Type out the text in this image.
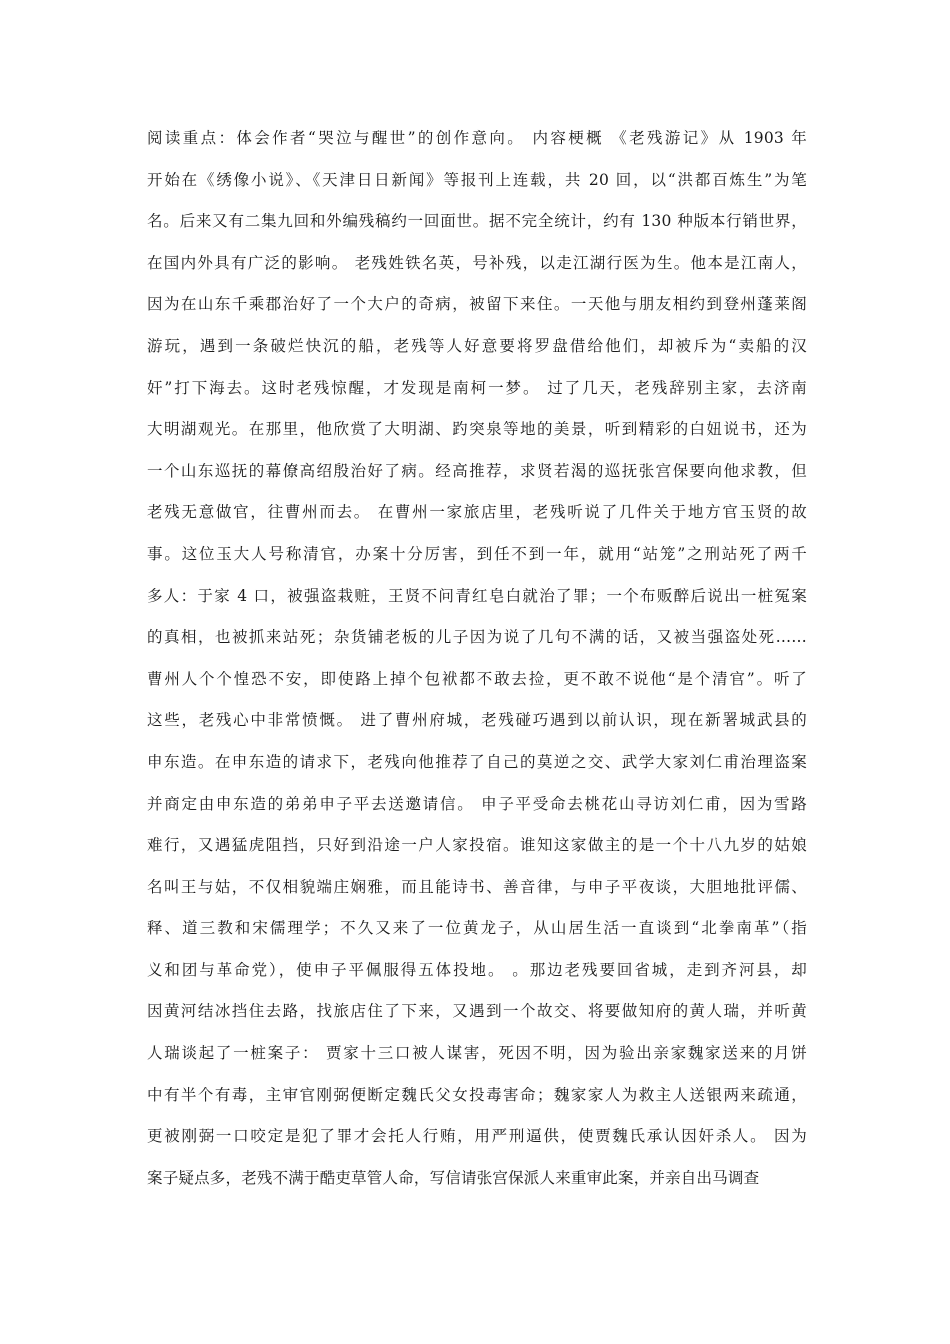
阅读重点：体会作者“哭泣与醒世”的创作意向。 内容梗概 《老残游记》从 1903 年
开始在《绣像小说》、《天津日日新闻》等报刊上连载，共 20 回，以“洪都百炼生”为笔
名。后来又有二集九回和外编残稿约一回面世。据不完全统计，约有 130 种版本行销世界，
在国内外具有广泛的影响。 老残姓铁名英，号补残，以走江湖行医为生。他本是江南人，
因为在山东千乘郡治好了一个大户的奇病，被留下来住。一天他与朋友相约到登州蓬莱阁
游玩，遇到一条破烂快沉的船，老残等人好意要将罗盘借给他们，却被斥为“卖船的汉
奸”打下海去。这时老残惊醒，才发现是南柯一梦。 过了几天，老残辞别主家，去济南
大明湖观光。在那里，他欣赏了大明湖、趵突泉等地的美景，听到精彩的白妞说书，还为
一个山东巡抚的幕僚高绍殷治好了病。经高推荐，求贤若渴的巡抚张宫保要向他求教，但
老残无意做官，往曹州而去。 在曹州一家旅店里，老残听说了几件关于地方官玉贤的故
事。这位玉大人号称清官，办案十分厉害，到任不到一年，就用“站笼”之刑站死了两千
多人：于家 4 口，被强盗栽赃，王贤不问青红皂白就治了罪；一个布贩醉后说出一桩冤案
的真相，也被抓来站死；杂货铺老板的儿子因为说了几句不满的话，又被当强盗处死……
曹州人个个惶恐不安，即使路上掉个包袱都不敢去捡，更不敢不说他“是个清官”。听了
这些，老残心中非常愤慨。 进了曹州府城，老残碰巧遇到以前认识，现在新署城武县的
申东造。在申东造的请求下，老残向他推荐了自己的莫逆之交、武学大家刘仁甫治理盗案
并商定由申东造的弟弟申子平去送邀请信。 申子平受命去桃花山寻访刘仁甫，因为雪路
难行，又遇猛虎阻挡，只好到沿途一户人家投宿。谁知这家做主的是一个十八九岁的姑娘
名叫王与姑，不仅相貌端庄娴雅，而且能诗书、善音律，与申子平夜谈，大胆地批评儒、
释、道三教和宋儒理学；不久又来了一位黄龙子，从山居生活一直谈到“北拳南革”（指
义和团与革命党），使申子平佩服得五体投地。 。那边老残要回省城，走到齐河县，却
因黄河结冰挡住去路，找旅店住了下来，又遇到一个故交、将要做知府的黄人瑞，并听黄
人瑞谈起了一桩案子： 贾家十三口被人谋害，死因不明，因为验出亲家魏家送来的月饼
中有半个有毒，主审官刚弼便断定魏氏父女投毒害命；魏家家人为救主人送银两来疏通，
更被刚弼一口咬定是犯了罪才会托人行贿，用严刑逼供，使贾魏氏承认因奸杀人。 因为
案子疑点多，老残不满于酷吏草管人命，写信请张宫保派人来重审此案，并亲自出马调查
